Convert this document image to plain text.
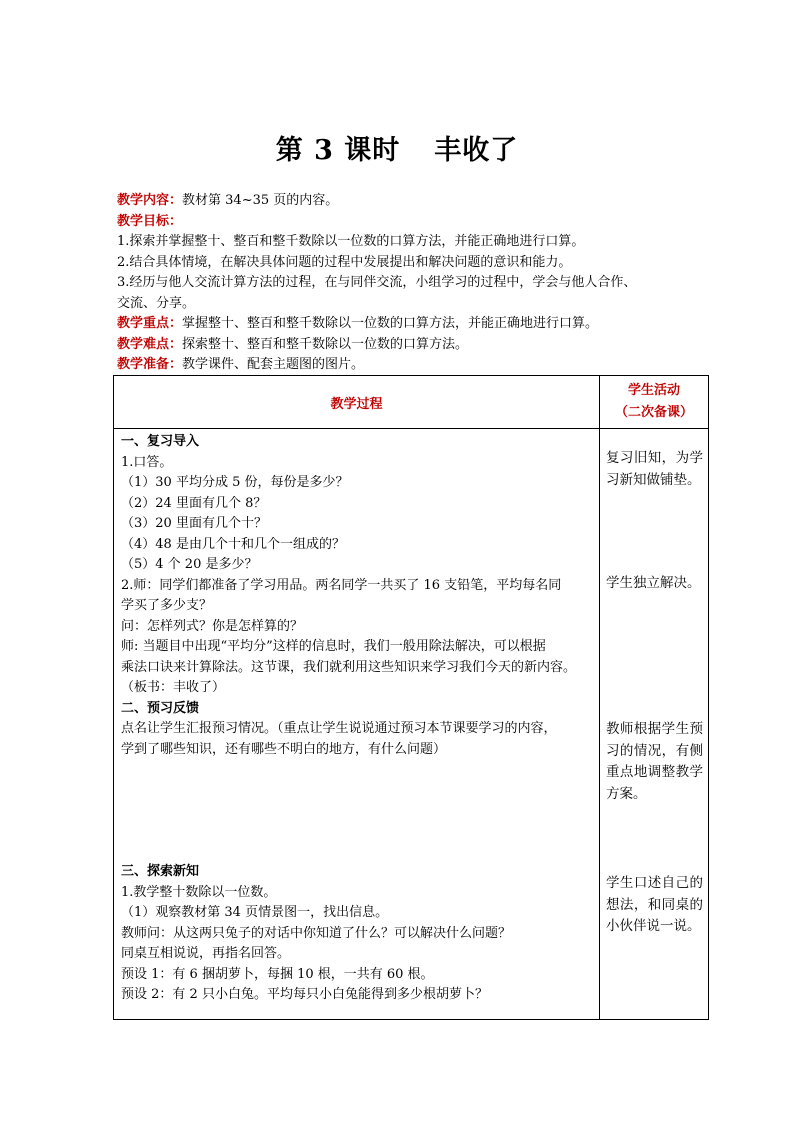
第 3 课时 丰收了
教学内容：教材第 34~35 页的内容。
教学目标：
1.探索并掌握整十、整百和整千数除以一位数的口算方法，并能正确地进行口算。
2.结合具体情境，在解决具体问题的过程中发展提出和解决问题的意识和能力。
3.经历与他人交流计算方法的过程，在与同伴交流，小组学习的过程中，学会与他人合作、
交流、分享。
教学重点：掌握整十、整百和整千数除以一位数的口算方法，并能正确地进行口算。
教学难点：探索整十、整百和整千数除以一位数的口算方法。
教学准备：教学课件、配套主题图的图片。
教学过程
学生活动
（二次备课）
一、复习导入
1.口答。
（1）30 平均分成 5 份，每份是多少？
（2）24 里面有几个 8？
（3）20 里面有几个十？
（4）48 是由几个十和几个一组成的？
（5）4 个 20 是多少？
2.师：同学们都准备了学习用品。两名同学一共买了 16 支铅笔，平均每名同
学买了多少支？
问：怎样列式？你是怎样算的？
师: 当题目中出现“平均分”这样的信息时，我们一般用除法解决，可以根据
乘法口诀来计算除法。这节课，我们就利用这些知识来学习我们今天的新内容。
（板书：丰收了）
二、预习反馈
点名让学生汇报预习情况。（重点让学生说说通过预习本节课要学习的内容，
学到了哪些知识，还有哪些不明白的地方，有什么问题）
三、探索新知
1.教学整十数除以一位数。
（1）观察教材第 34 页情景图一，找出信息。
教师问：从这两只兔子的对话中你知道了什么？可以解决什么问题？
同桌互相说说，再指名回答。
预设 1：有 6 捆胡萝卜，每捆 10 根，一共有 60 根。
预设 2：有 2 只小白兔。平均每只小白兔能得到多少根胡萝卜？
复习旧知，为学习新知做铺垫。
学生独立解决。
教师根据学生预习的情况，有侧重点地调整教学方案。
学生口述自己的想法，和同桌的小伙伴说一说。
